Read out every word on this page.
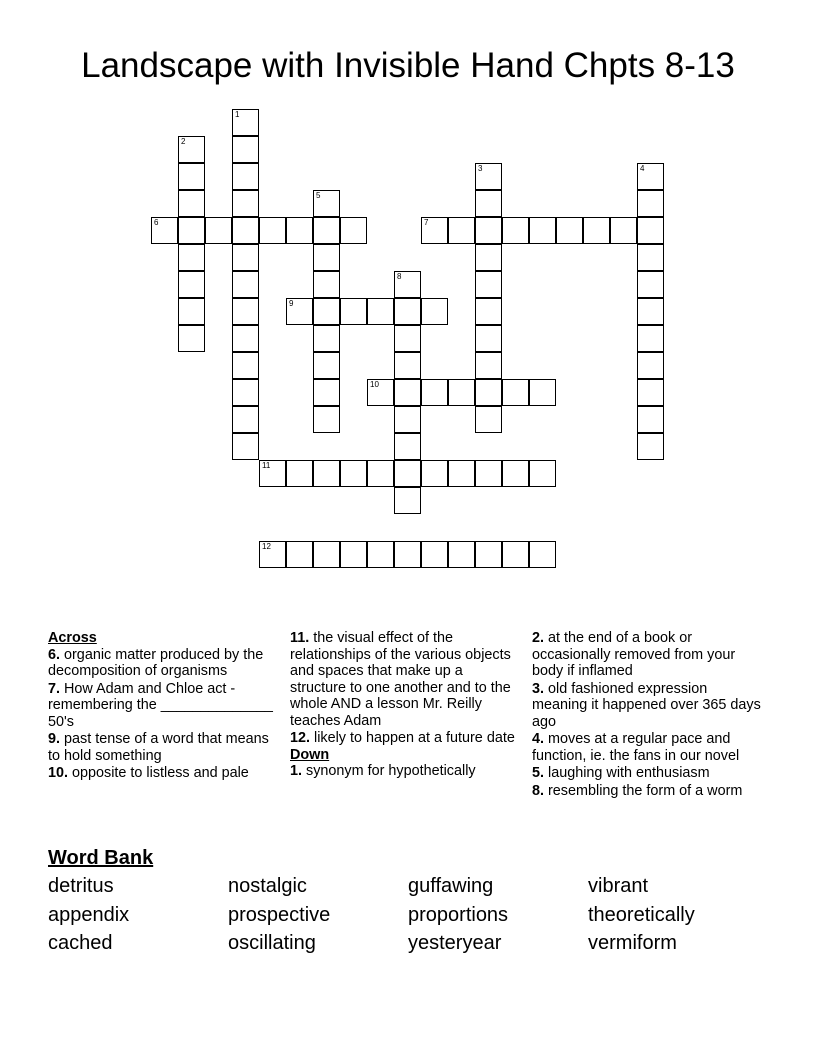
Landscape with Invisible Hand Chpts 8-13
1
2
3	4
5
6	7
8
9
10
11
12

Across

6. organic matter produced by the decomposition of organisms

7. How Adam and Chloe act - remembering the ______________ 50's

9. past tense of a word that means to hold something

10. opposite to listless and pale

11. the visual effect of the relationships of the various objects and spaces that make up a structure to one another and to the whole AND a lesson Mr. Reilly teaches Adam

12. likely to happen at a future date

Down

1. synonym for hypothetically

2. at the end of a book or occasionally removed from your body if inflamed

3. old fashioned expression meaning it happened over 365 days ago

4. moves at a regular pace and function, ie. the fans in our novel

5. laughing with enthusiasm

8. resembling the form of a worm

Word Bank
detritus	nostalgic	guffawing	vibrant
appendix	prospective	proportions	theoretically
cached	oscillating	yesteryear	vermiform
